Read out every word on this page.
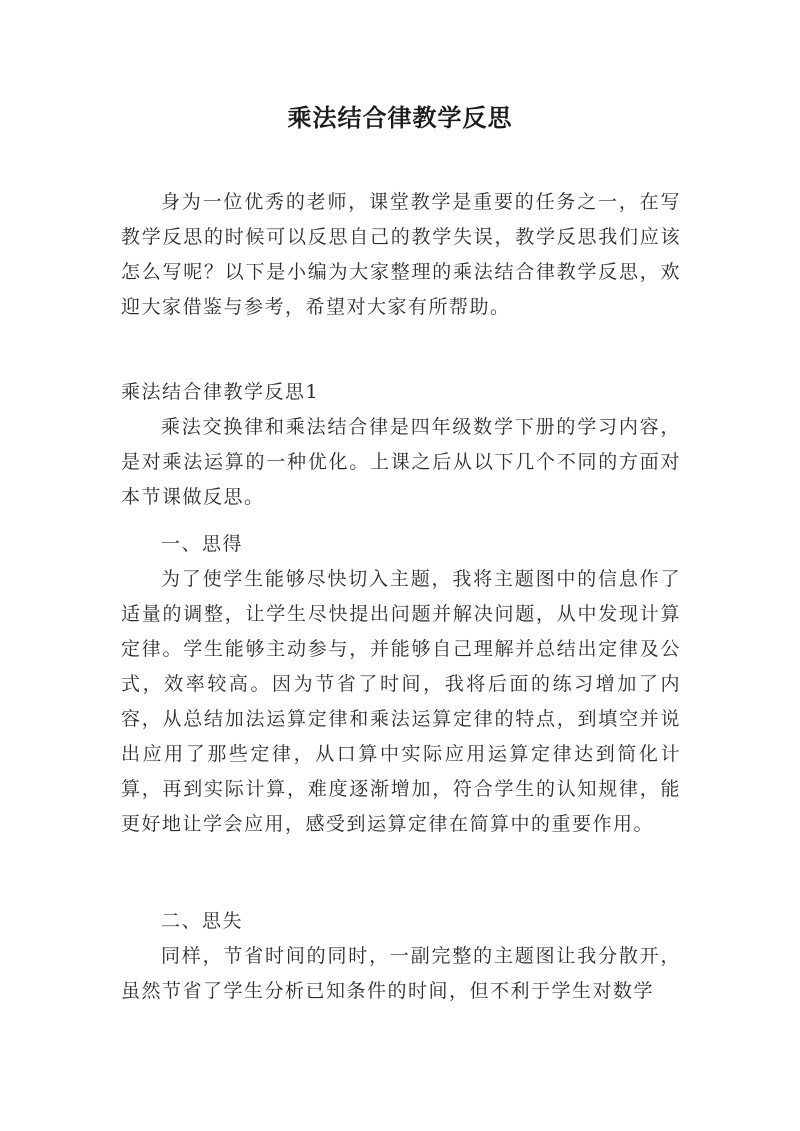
乘法结合律教学反思

身为一位优秀的老师，课堂教学是重要的任务之一，在写教学反思的时候可以反思自己的教学失误，教学反思我们应该怎么写呢？以下是小编为大家整理的乘法结合律教学反思，欢迎大家借鉴与参考，希望对大家有所帮助。

乘法结合律教学反思1

乘法交换律和乘法结合律是四年级数学下册的学习内容，是对乘法运算的一种优化。上课之后从以下几个不同的方面对本节课做反思。

一、思得

为了使学生能够尽快切入主题，我将主题图中的信息作了适量的调整，让学生尽快提出问题并解决问题，从中发现计算定律。学生能够主动参与，并能够自己理解并总结出定律及公式，效率较高。因为节省了时间，我将后面的练习增加了内容，从总结加法运算定律和乘法运算定律的特点，到填空并说出应用了那些定律，从口算中实际应用运算定律达到简化计算，再到实际计算，难度逐渐增加，符合学生的认知规律，能更好地让学会应用，感受到运算定律在简算中的重要作用。

二、思失

同样，节省时间的同时，一副完整的主题图让我分散开，虽然节省了学生分析已知条件的时间，但不利于学生对数学
